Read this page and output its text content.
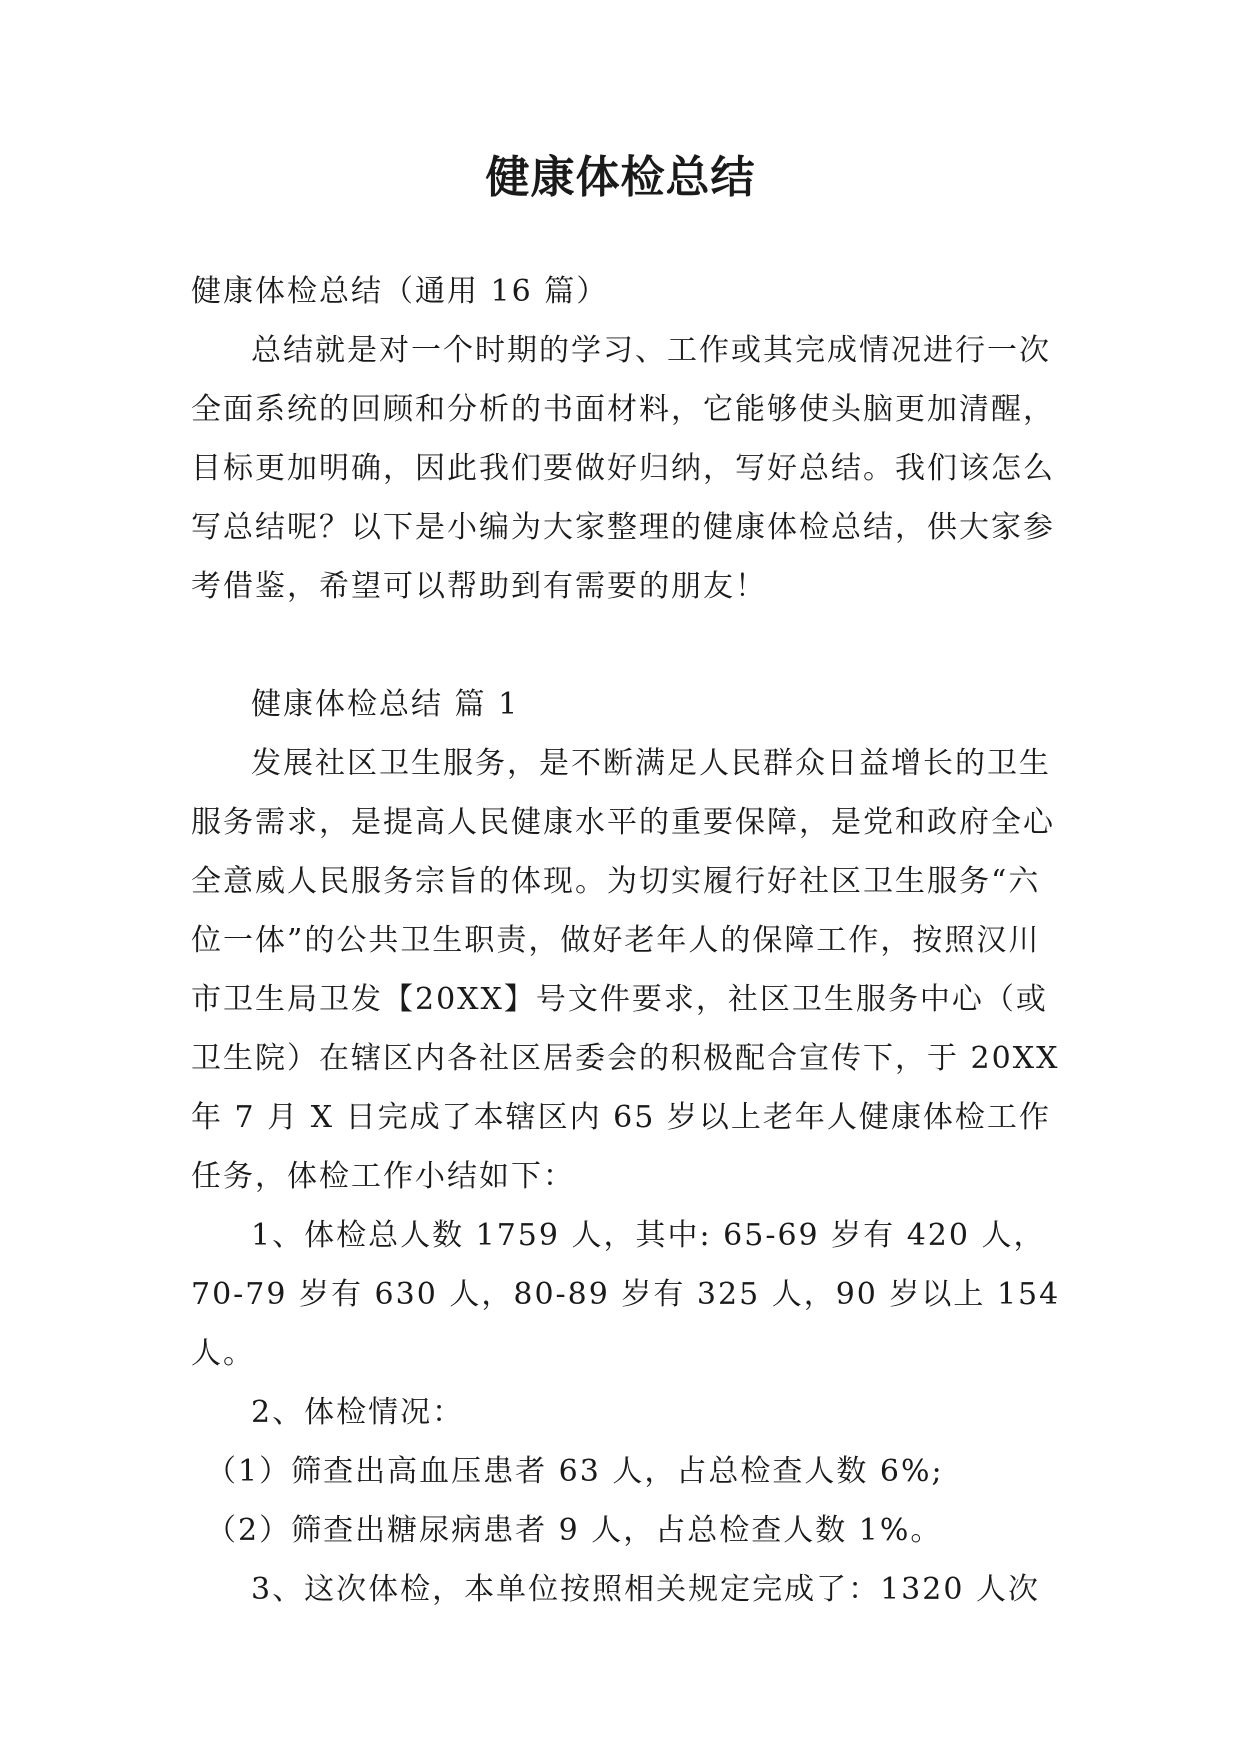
健康体检总结

健康体检总结（通用 16 篇）

总结就是对一个时期的学习、工作或其完成情况进行一次全面系统的回顾和分析的书面材料，它能够使头脑更加清醒，目标更加明确，因此我们要做好归纳，写好总结。我们该怎么写总结呢？以下是小编为大家整理的健康体检总结，供大家参考借鉴，希望可以帮助到有需要的朋友！

健康体检总结 篇 1

发展社区卫生服务，是不断满足人民群众日益增长的卫生服务需求，是提高人民健康水平的重要保障，是党和政府全心全意威人民服务宗旨的体现。为切实履行好社区卫生服务“六位一体”的公共卫生职责，做好老年人的保障工作，按照汉川市卫生局卫发【20XX】号文件要求，社区卫生服务中心（或卫生院）在辖区内各社区居委会的积极配合宣传下，于 20XX 年 7 月 X 日完成了本辖区内 65 岁以上老年人健康体检工作任务，体检工作小结如下：

1、体检总人数 1759 人，其中: 65-69 岁有 420 人，70-79 岁有 630 人，80-89 岁有 325 人，90 岁以上 154 人。

2、体检情况：

（1）筛查出高血压患者 63 人，占总检查人数 6%;

（2）筛查出糖尿病患者 9 人，占总检查人数 1%。

3、这次体检，本单位按照相关规定完成了：1320 人次
